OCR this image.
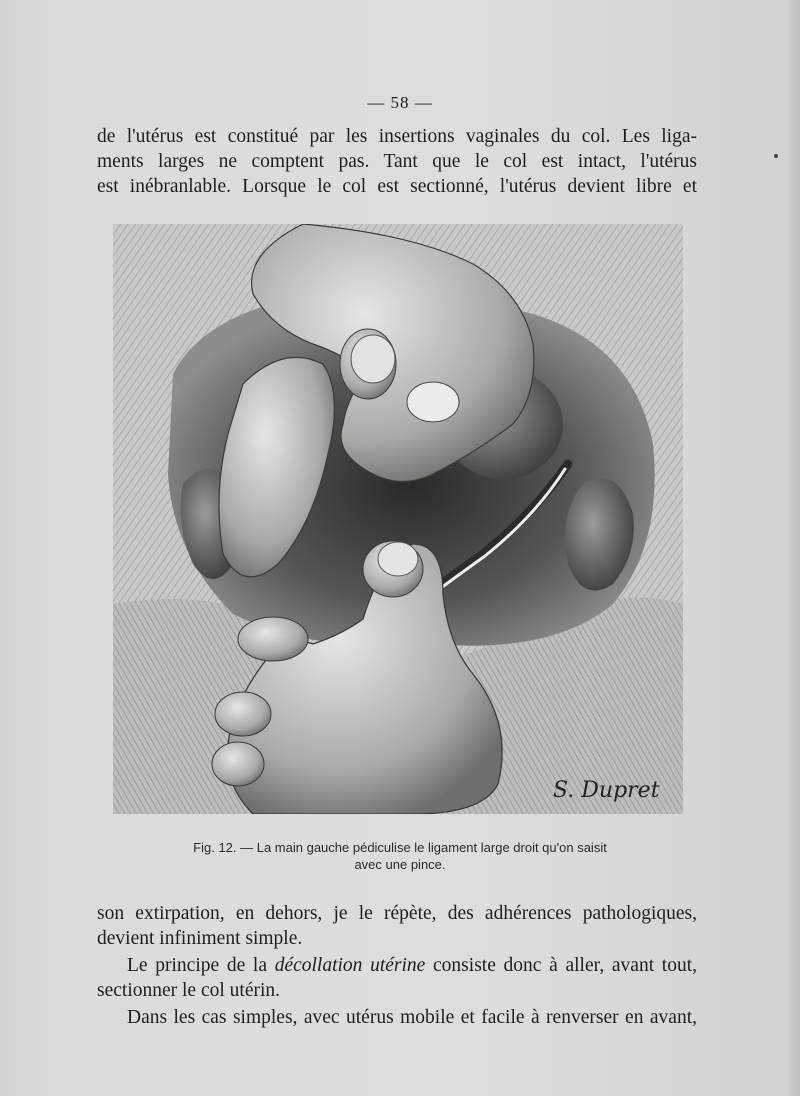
— 58 —
de l'utérus est constitué par les insertions vaginales du col. Les liga-
ments larges ne comptent pas. Tant que le col est intact, l'utérus
est inébranlable. Lorsque le col est sectionné, l'utérus devient libre et
S. Dupret
Fig. 12. — La main gauche pédiculise le ligament large droit qu'on saisit
avec une pince.
son extirpation, en dehors, je le répète, des adhérences pathologiques,
devient infiniment simple.
Le principe de la décollation utérine consiste donc à aller, avant tout,
sectionner le col utérin.
Dans les cas simples, avec utérus mobile et facile à renverser en avant,
